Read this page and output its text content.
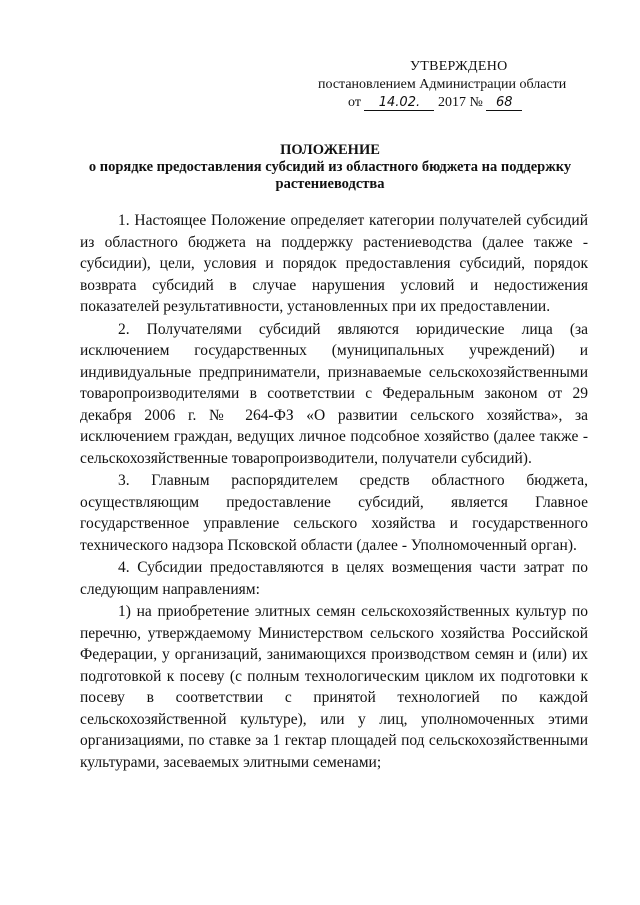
УТВЕРЖДЕНО
постановлением Администрации области
от 14.02. 2017 № 68
ПОЛОЖЕНИЕ
о порядке предоставления субсидий из областного бюджета на поддержку растениеводства

1. Настоящее Положение определяет категории получателей субсидий из областного бюджета на поддержку растениеводства (далее также - субсидии), цели, условия и порядок предоставления субсидий, порядок возврата субсидий в случае нарушения условий и недостижения показателей результативности, установленных при их предоставлении.

2. Получателями субсидий являются юридические лица (за исключением государственных (муниципальных учреждений) и индивидуальные предприниматели, признаваемые сельскохозяйственными товаропроизводителями в соответствии с Федеральным законом от 29 декабря 2006 г. № 264-ФЗ «О развитии сельского хозяйства», за исключением граждан, ведущих личное подсобное хозяйство (далее также - сельскохозяйственные товаропроизводители, получатели субсидий).

3. Главным распорядителем средств областного бюджета, осуществляющим предоставление субсидий, является Главное государственное управление сельского хозяйства и государственного технического надзора Псковской области (далее - Уполномоченный орган).

4. Субсидии предоставляются в целях возмещения части затрат по следующим направлениям:

1) на приобретение элитных семян сельскохозяйственных культур по перечню, утверждаемому Министерством сельского хозяйства Российской Федерации, у организаций, занимающихся производством семян и (или) их подготовкой к посеву (с полным технологическим циклом их подготовки к посеву в соответствии с принятой технологией по каждой сельскохозяйственной культуре), или у лиц, уполномоченных этими организациями, по ставке за 1 гектар площадей под сельскохозяйственными культурами, засеваемых элитными семенами;
